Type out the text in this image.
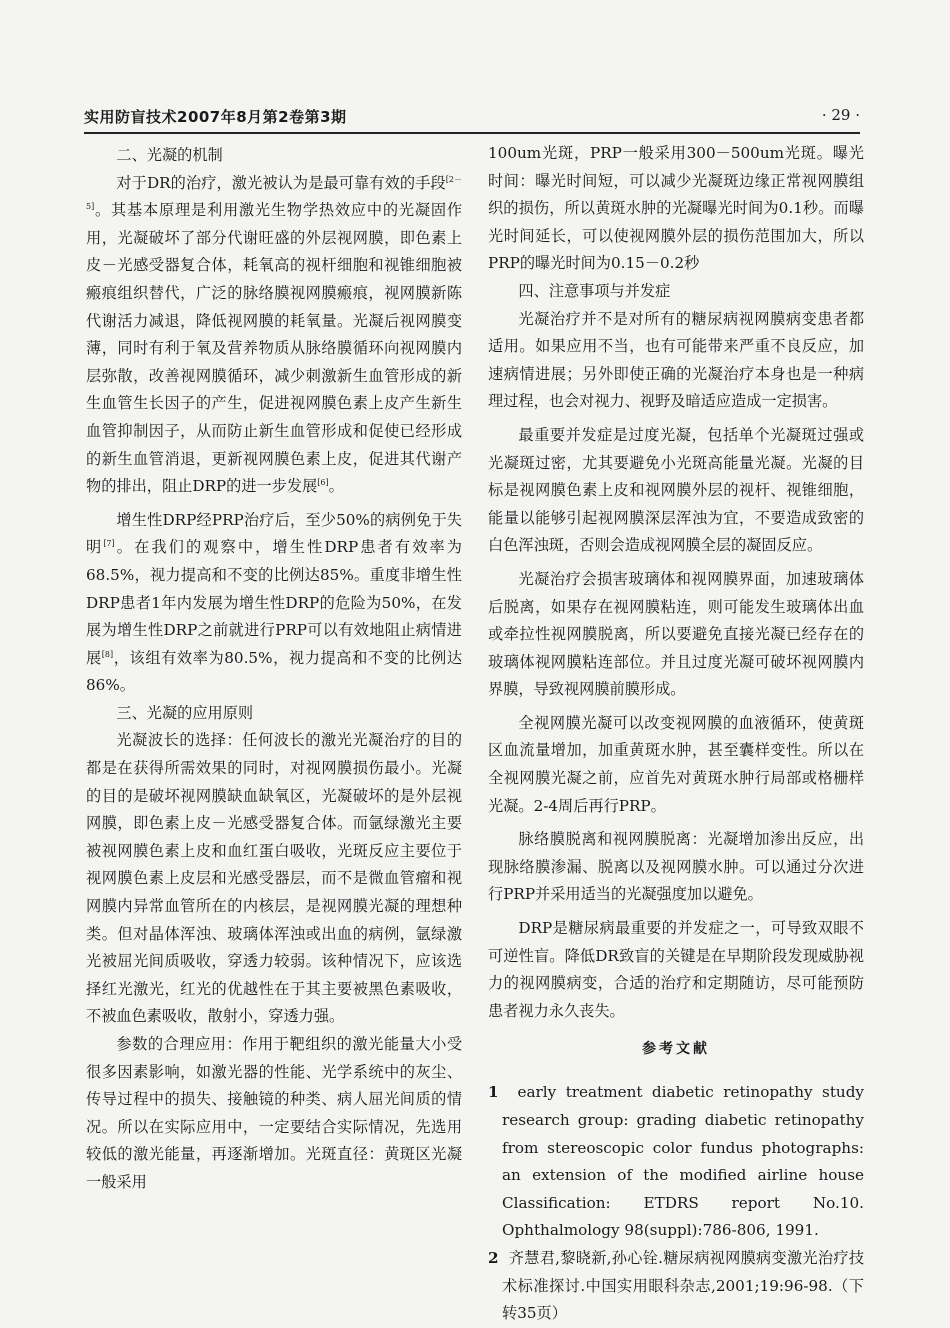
实用防盲技术2007年8月第2卷第3期	· 29 ·
二、光凝的机制

对于DR的治疗，激光被认为是最可靠有效的手段[2－5]。其基本原理是利用激光生物学热效应中的光凝固作用，光凝破坏了部分代谢旺盛的外层视网膜，即色素上皮－光感受器复合体，耗氧高的视杆细胞和视锥细胞被瘢痕组织替代，广泛的脉络膜视网膜瘢痕，视网膜新陈代谢活力减退，降低视网膜的耗氧量。光凝后视网膜变薄，同时有利于氧及营养物质从脉络膜循环向视网膜内层弥散，改善视网膜循环，减少刺激新生血管形成的新生血管生长因子的产生，促进视网膜色素上皮产生新生血管抑制因子，从而防止新生血管形成和促使已经形成的新生血管消退，更新视网膜色素上皮，促进其代谢产物的排出，阻止DRP的进一步发展[6]。

增生性DRP经PRP治疗后，至少50%的病例免于失明[7]。在我们的观察中，增生性DRP患者有效率为68.5%，视力提高和不变的比例达85%。重度非增生性DRP患者1年内发展为增生性DRP的危险为50%，在发展为增生性DRP之前就进行PRP可以有效地阻止病情进展[8]，该组有效率为80.5%，视力提高和不变的比例达86%。

三、光凝的应用原则

光凝波长的选择：任何波长的激光光凝治疗的目的都是在获得所需效果的同时，对视网膜损伤最小。光凝的目的是破坏视网膜缺血缺氧区，光凝破坏的是外层视网膜，即色素上皮－光感受器复合体。而氩绿激光主要被视网膜色素上皮和血红蛋白吸收，光斑反应主要位于视网膜色素上皮层和光感受器层，而不是微血管瘤和视网膜内异常血管所在的内核层，是视网膜光凝的理想种类。但对晶体浑浊、玻璃体浑浊或出血的病例，氩绿激光被屈光间质吸收，穿透力较弱。该种情况下，应该选择红光激光，红光的优越性在于其主要被黑色素吸收，不被血色素吸收，散射小，穿透力强。

参数的合理应用：作用于靶组织的激光能量大小受很多因素影响，如激光器的性能、光学系统中的灰尘、传导过程中的损失、接触镜的种类、病人屈光间质的情况。所以在实际应用中，一定要结合实际情况，先选用较低的激光能量，再逐渐增加。光斑直径：黄斑区光凝一般采用

100um光斑，PRP一般采用300－500um光斑。曝光时间：曝光时间短，可以减少光凝斑边缘正常视网膜组织的损伤，所以黄斑水肿的光凝曝光时间为0.1秒。而曝光时间延长，可以使视网膜外层的损伤范围加大，所以PRP的曝光时间为0.15－0.2秒

四、注意事项与并发症

光凝治疗并不是对所有的糖尿病视网膜病变患者都适用。如果应用不当，也有可能带来严重不良反应，加速病情进展；另外即使正确的光凝治疗本身也是一种病理过程，也会对视力、视野及暗适应造成一定损害。

最重要并发症是过度光凝，包括单个光凝斑过强或光凝斑过密，尤其要避免小光斑高能量光凝。光凝的目标是视网膜色素上皮和视网膜外层的视杆、视锥细胞，能量以能够引起视网膜深层浑浊为宜，不要造成致密的白色浑浊斑，否则会造成视网膜全层的凝固反应。

光凝治疗会损害玻璃体和视网膜界面，加速玻璃体后脱离，如果存在视网膜粘连，则可能发生玻璃体出血或牵拉性视网膜脱离，所以要避免直接光凝已经存在的玻璃体视网膜粘连部位。并且过度光凝可破坏视网膜内界膜，导致视网膜前膜形成。

全视网膜光凝可以改变视网膜的血液循环，使黄斑区血流量增加，加重黄斑水肿，甚至囊样变性。所以在全视网膜光凝之前，应首先对黄斑水肿行局部或格栅样光凝。2-4周后再行PRP。

脉络膜脱离和视网膜脱离：光凝增加渗出反应，出现脉络膜渗漏、脱离以及视网膜水肿。可以通过分次进行PRP并采用适当的光凝强度加以避免。

DRP是糖尿病最重要的并发症之一，可导致双眼不可逆性盲。降低DR致盲的关键是在早期阶段发现威胁视力的视网膜病变，合适的治疗和定期随访，尽可能预防患者视力永久丧失。

参考文献

1 early treatment diabetic retinopathy study research group: grading diabetic retinopathy from stereoscopic color fundus photographs: an extension of the modified airline house Classification: ETDRS report No.10. Ophthalmology 98(suppl):786-806, 1991.

2 齐慧君,黎晓新,孙心铨.糖尿病视网膜病变激光治疗技术标准探讨.中国实用眼科杂志,2001;19:96-98.（下转35页）
